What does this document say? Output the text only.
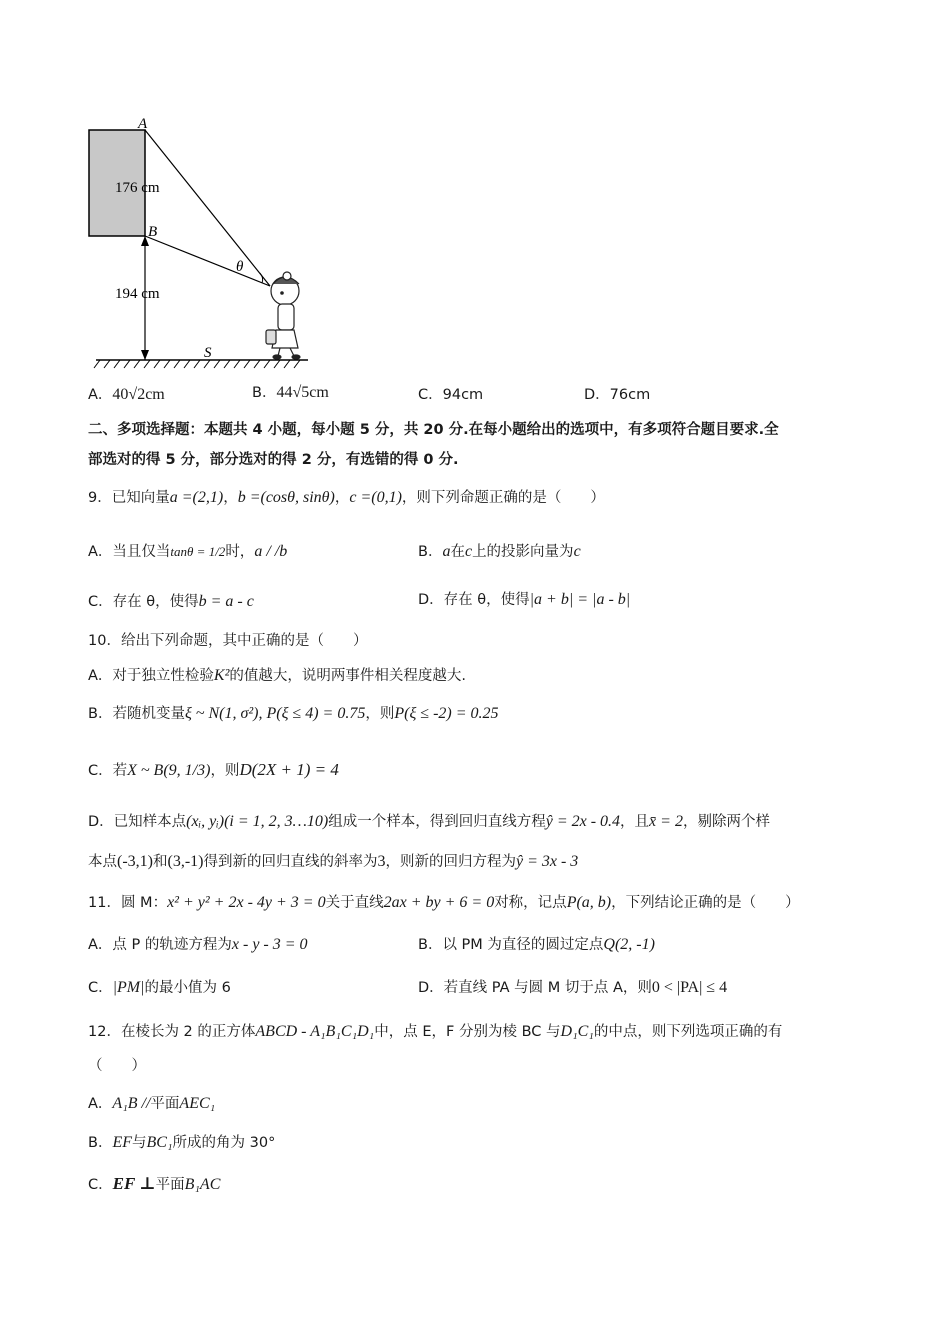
A
B
S
θ
176 cm
194 cm
A．40√2cm	B．44√5cm	C．94cm	D．76cm
二、多项选择题：本题共 4 小题，每小题 5 分，共 20 分.在每小题给出的选项中，有多项符合题目要求.全
部选对的得 5 分，部分选对的得 2 分，有选错的得 0 分.
9．已知向量a =(2,1)，b =(cosθ, sinθ)，c =(0,1)，则下列命题正确的是（　　）
A．当且仅当tanθ = 1/2时，a / /b	B．a在c上的投影向量为c
C．存在 θ，使得b = a - c	D．存在 θ，使得|a + b| = |a - b|
10．给出下列命题，其中正确的是（　　）
A．对于独立性检验K²的值越大，说明两事件相关程度越大.
B．若随机变量ξ ~ N(1, σ²), P(ξ ≤ 4) = 0.75，则P(ξ ≤ -2) = 0.25
C．若X ~ B(9, 1/3)，则D(2X + 1) = 4
D．已知样本点(xᵢ, yᵢ)(i = 1, 2, 3…10)组成一个样本，得到回归直线方程ŷ = 2x - 0.4，且x̄ = 2，剔除两个样
本点(-3,1)和(3,-1)得到新的回归直线的斜率为3，则新的回归方程为ŷ = 3x - 3
11．圆 M：x² + y² + 2x - 4y + 3 = 0关于直线2ax + by + 6 = 0对称，记点P(a, b)，下列结论正确的是（　　）
A．点 P 的轨迹方程为x - y - 3 = 0	B．以 PM 为直径的圆过定点Q(2, -1)
C．|PM|的最小值为 6	D．若直线 PA 与圆 M 切于点 A，则0 < |PA| ≤ 4
12．在棱长为 2 的正方体ABCD - A₁B₁C₁D₁中，点 E，F 分别为棱 BC 与D₁C₁的中点，则下列选项正确的有
（　　）
A．A₁B //平面AEC₁
B．EF与BC₁所成的角为 30°
C．EF ⊥平面B₁AC
